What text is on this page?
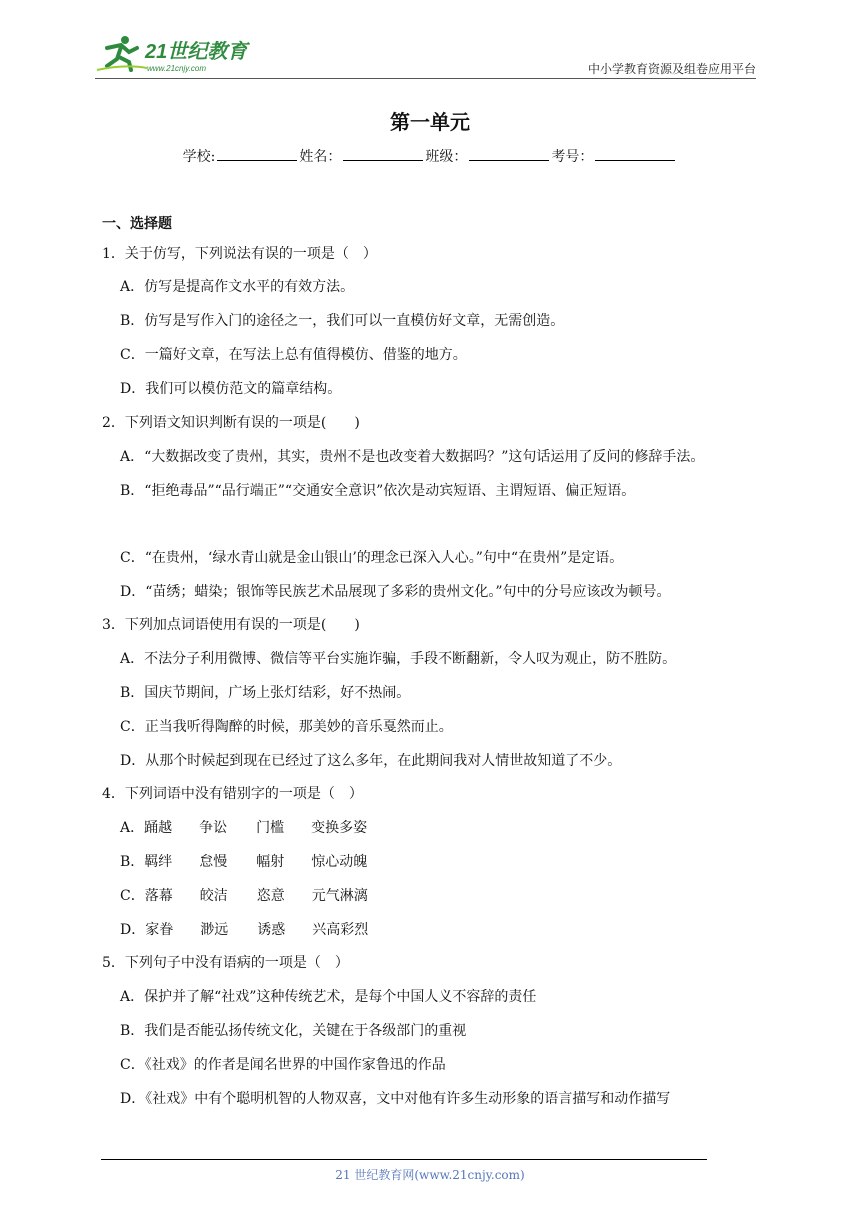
21世纪教育
www.21cnjy.com	中小学教育资源及组卷应用平台
第一单元
学校:	姓名：	班级：	考号：
一、选择题
1．关于仿写，下列说法有误的一项是（　）
A．仿写是提高作文水平的有效方法。
B．仿写是写作入门的途径之一，我们可以一直模仿好文章，无需创造。
C．一篇好文章，在写法上总有值得模仿、借鉴的地方。
D．我们可以模仿范文的篇章结构。
2．下列语文知识判断有误的一项是(　　)
A．“大数据改变了贵州，其实，贵州不是也改变着大数据吗？”这句话运用了反问的修辞手法。
B．“拒绝毒品”“品行端正”“交通安全意识”依次是动宾短语、主谓短语、偏正短语。
C．“在贵州，‘绿水青山就是金山银山’的理念已深入人心。”句中“在贵州”是定语。
D．“苗绣；蜡染；银饰等民族艺术品展现了多彩的贵州文化。”句中的分号应该改为顿号。
3．下列加点词语使用有误的一项是(　　)
A．不法分子利用微博、微信等平台实施诈骗，手段不断翻新，令人叹为观止，防不胜防。
B．国庆节期间，广场上张灯结彩，好不热闹。
C．正当我听得陶醉的时候，那美妙的音乐戛然而止。
D．从那个时候起到现在已经过了这么多年，在此期间我对人情世故知道了不少。
4．下列词语中没有错别字的一项是（　）
A．踊越 争讼 门槛 变换多姿
B．羁绊 怠慢 幅射 惊心动魄
C．落幕 皎洁 恣意 元气淋漓
D．家眷 渺远 诱惑 兴高彩烈
5．下列句子中没有语病的一项是（　）
A．保护并了解“社戏”这种传统艺术，是每个中国人义不容辞的责任
B．我们是否能弘扬传统文化，关键在于各级部门的重视
C．《社戏》的作者是闻名世界的中国作家鲁迅的作品
D．《社戏》中有个聪明机智的人物双喜，文中对他有许多生动形象的语言描写和动作描写
21 世纪教育网(www.21cnjy.com)
